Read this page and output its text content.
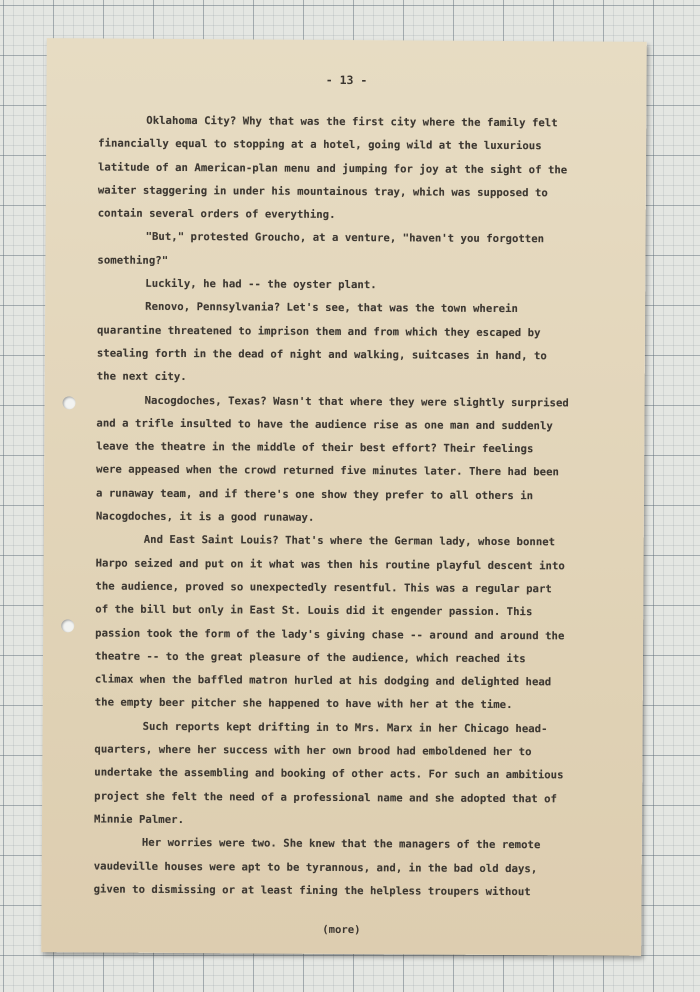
- 13 -
Oklahoma City? Why that was the first city where the family felt
financially equal to stopping at a hotel, going wild at the luxurious
latitude of an American-plan menu and jumping for joy at the sight of the
waiter staggering in under his mountainous tray, which was supposed to
contain several orders of everything.
"But," protested Groucho, at a venture, "haven't you forgotten
something?"
Luckily, he had -- the oyster plant.
Renovo, Pennsylvania? Let's see, that was the town wherein
quarantine threatened to imprison them and from which they escaped by
stealing forth in the dead of night and walking, suitcases in hand, to
the next city.
Nacogdoches, Texas? Wasn't that where they were slightly surprised
and a trifle insulted to have the audience rise as one man and suddenly
leave the theatre in the middle of their best effort? Their feelings
were appeased when the crowd returned five minutes later. There had been
a runaway team, and if there's one show they prefer to all others in
Nacogdoches, it is a good runaway.
And East Saint Louis? That's where the German lady, whose bonnet
Harpo seized and put on it what was then his routine playful descent into
the audience, proved so unexpectedly resentful. This was a regular part
of the bill but only in East St. Louis did it engender passion. This
passion took the form of the lady's giving chase -- around and around the
theatre -- to the great pleasure of the audience, which reached its
climax when the baffled matron hurled at his dodging and delighted head
the empty beer pitcher she happened to have with her at the time.
Such reports kept drifting in to Mrs. Marx in her Chicago head-
quarters, where her success with her own brood had emboldened her to
undertake the assembling and booking of other acts. For such an ambitious
project she felt the need of a professional name and she adopted that of
Minnie Palmer.
Her worries were two. She knew that the managers of the remote
vaudeville houses were apt to be tyrannous, and, in the bad old days,
given to dismissing or at least fining the helpless troupers without
(more)
